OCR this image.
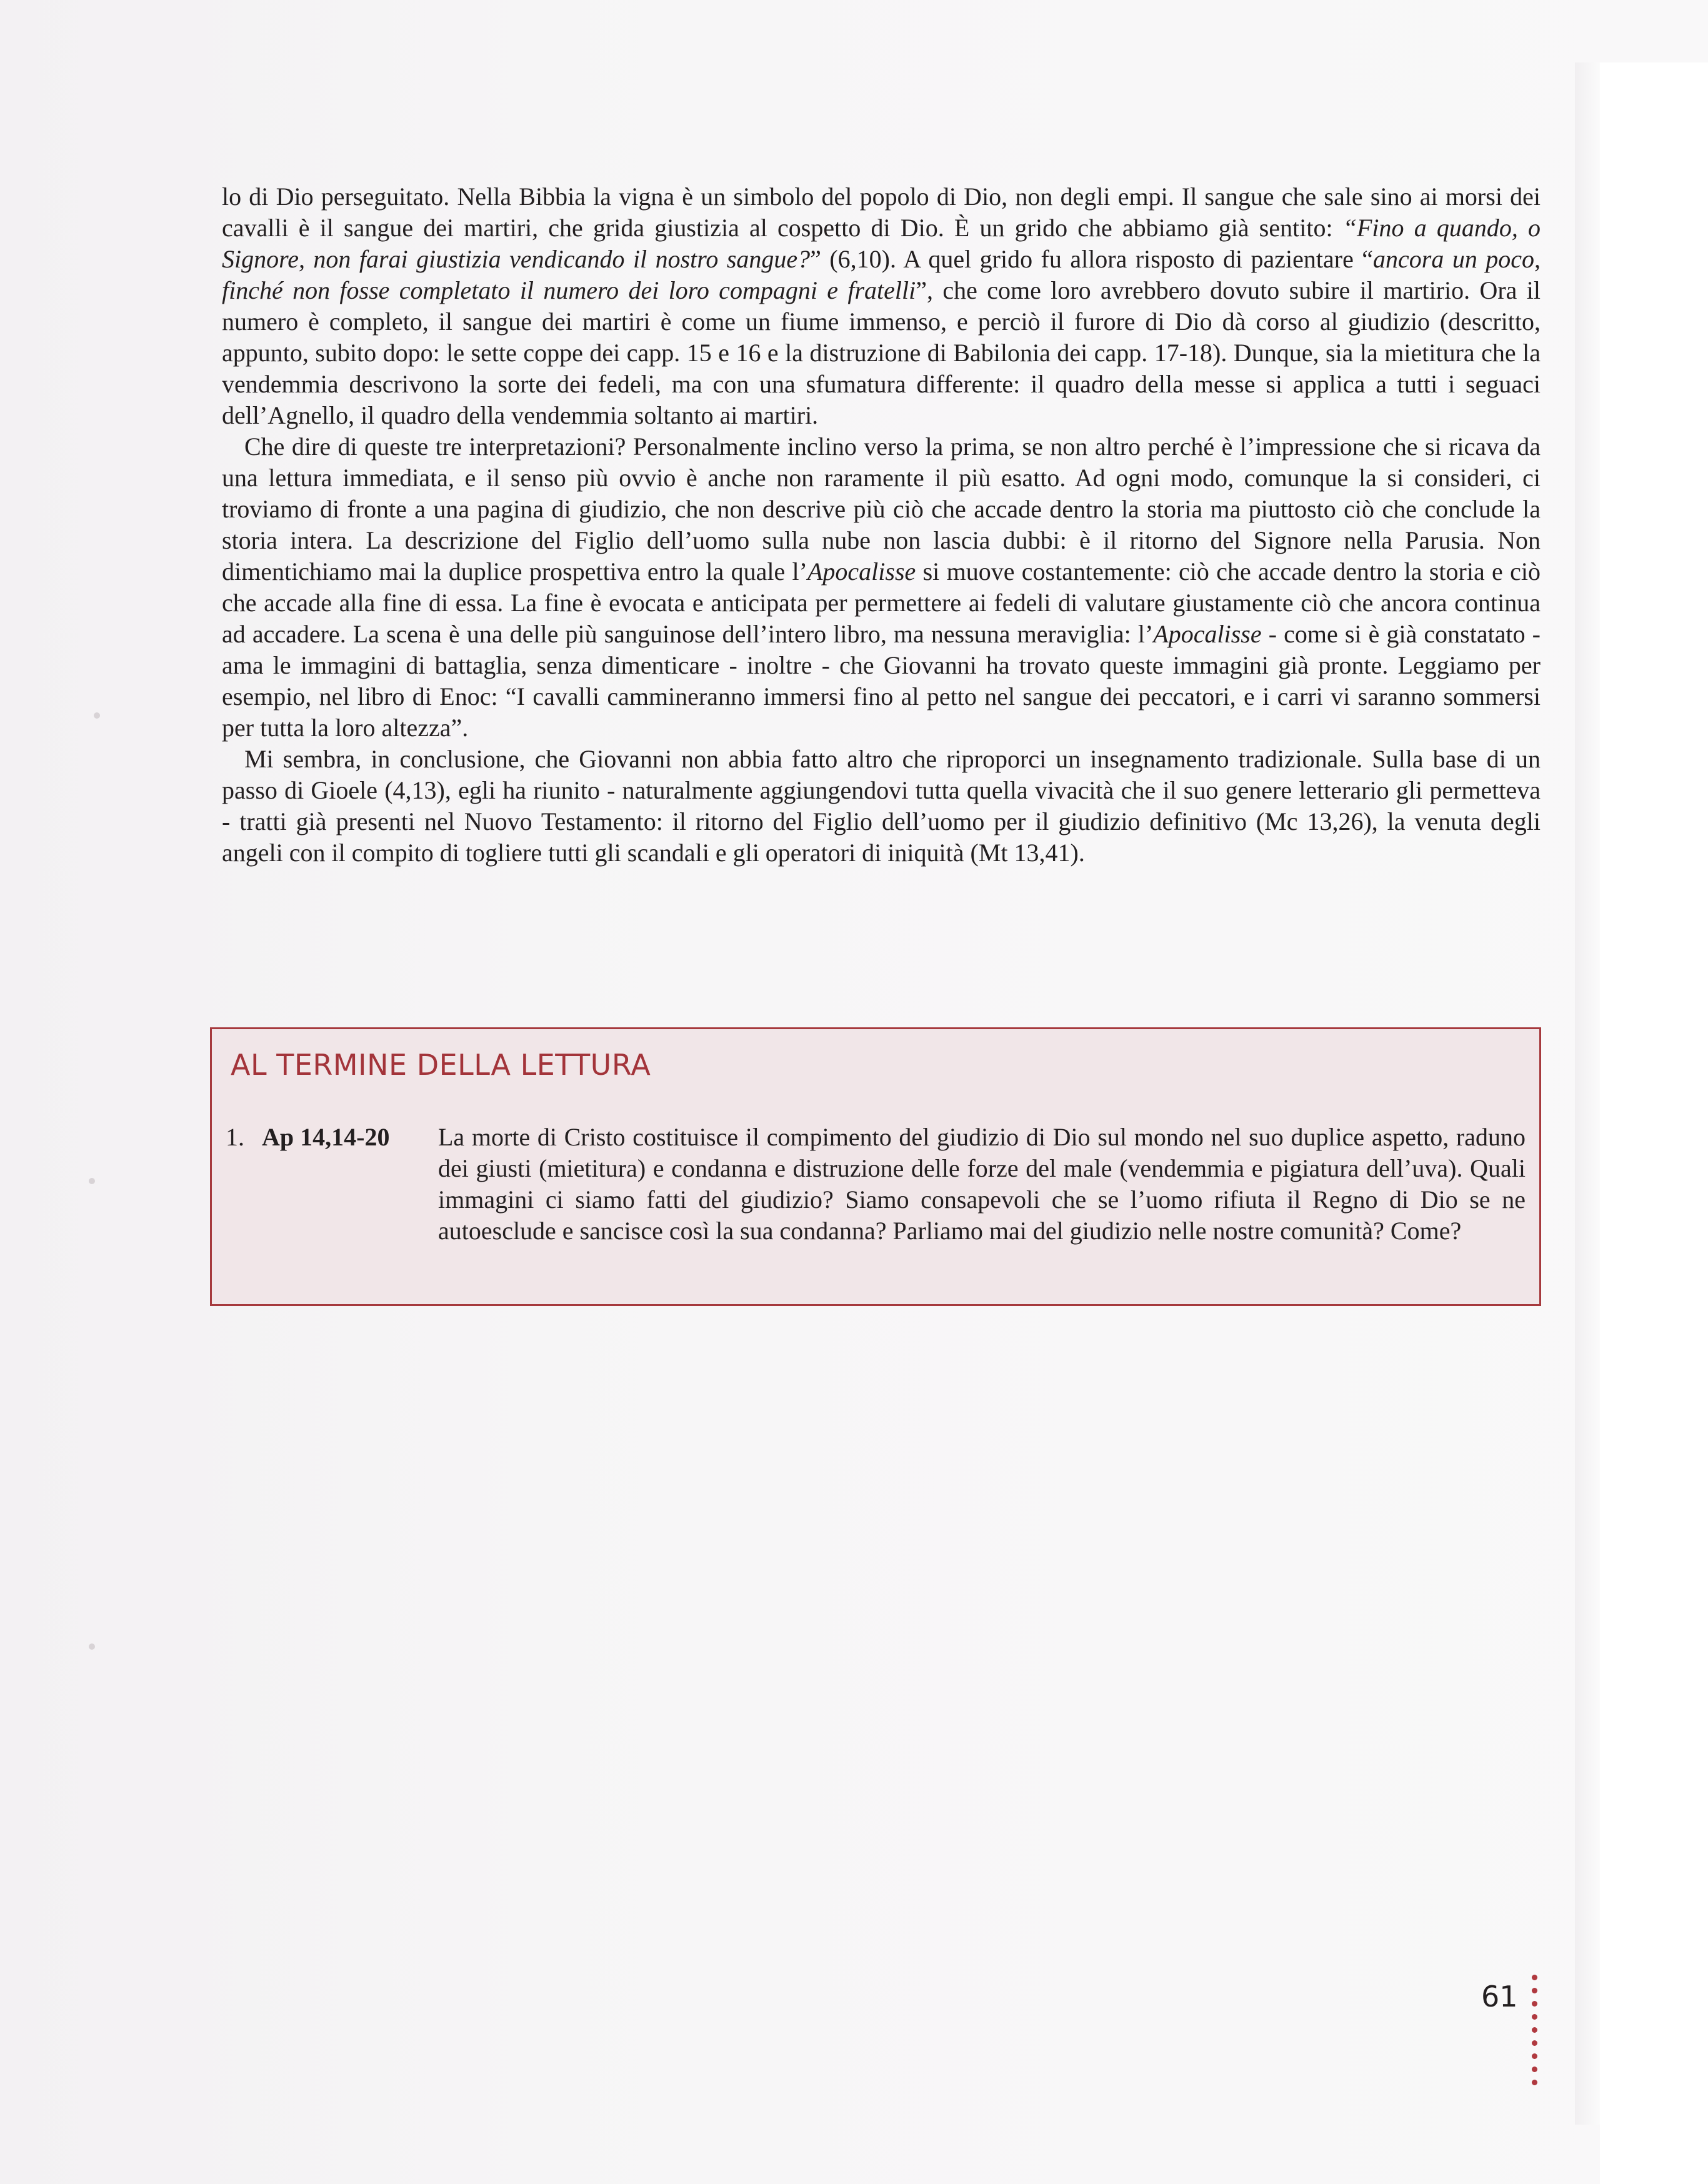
lo di Dio perseguitato. Nella Bibbia la vigna è un simbolo del popolo di Dio, non degli empi. Il sangue che sale sino ai morsi dei cavalli è il sangue dei martiri, che grida giustizia al cospetto di Dio. È un grido che abbiamo già sentito: “Fino a quando, o Signore, non farai giustizia vendicando il nostro sangue?” (6,10). A quel grido fu allora risposto di pazientare “ancora un poco, finché non fosse completato il numero dei loro compagni e fratelli”, che come loro avrebbero dovuto subire il martirio. Ora il numero è completo, il sangue dei martiri è come un fiume immenso, e perciò il furore di Dio dà corso al giudizio (descritto, appunto, subito dopo: le sette coppe dei capp. 15 e 16 e la distruzione di Babilonia dei capp. 17-18). Dunque, sia la mietitura che la vendemmia descrivono la sorte dei fedeli, ma con una sfumatura differente: il quadro della messe si applica a tutti i seguaci dell’Agnello, il quadro della vendemmia soltanto ai martiri.

Che dire di queste tre interpretazioni? Personalmente inclino verso la prima, se non altro perché è l’impressione che si ricava da una lettura immediata, e il senso più ovvio è anche non raramente il più esatto. Ad ogni modo, comunque la si consideri, ci troviamo di fronte a una pagina di giudizio, che non descrive più ciò che accade dentro la storia ma piuttosto ciò che conclude la storia intera. La descrizione del Figlio dell’uomo sulla nube non lascia dubbi: è il ritorno del Signore nella Parusia. Non dimentichiamo mai la duplice prospettiva entro la quale l’Apocalisse si muove costantemente: ciò che accade dentro la storia e ciò che accade alla fine di essa. La fine è evocata e anticipata per permettere ai fedeli di valutare giustamente ciò che ancora continua ad accadere. La scena è una delle più sanguinose dell’intero libro, ma nessuna meraviglia: l’Apocalisse - come si è già constatato - ama le immagini di battaglia, senza dimenticare - inoltre - che Giovanni ha trovato queste immagini già pronte. Leggiamo per esempio, nel libro di Enoc: “I cavalli cammineranno immersi fino al petto nel sangue dei peccatori, e i carri vi saranno sommersi per tutta la loro altezza”.

Mi sembra, in conclusione, che Giovanni non abbia fatto altro che riproporci un insegnamento tradizionale. Sulla base di un passo di Gioele (4,13), egli ha riunito - naturalmente aggiungendovi tutta quella vivacità che il suo genere letterario gli permetteva - tratti già presenti nel Nuovo Testamento: il ritorno del Figlio dell’uomo per il giudizio definitivo (Mc 13,26), la venuta degli angeli con il compito di togliere tutti gli scandali e gli operatori di iniquità (Mt 13,41).

AL TERMINE DELLA LETTURA
1. Ap 14,14-20 La morte di Cristo costituisce il compimento del giudizio di Dio sul mondo nel suo duplice aspetto, raduno dei giusti (mietitura) e condanna e distruzione delle forze del male (vendemmia e pigiatura dell’uva). Quali immagini ci siamo fatti del giudizio? Siamo consapevoli che se l’uomo rifiuta il Regno di Dio se ne autoesclude e sancisce così la sua condanna? Parliamo mai del giudizio nelle nostre comunità? Come?
61
